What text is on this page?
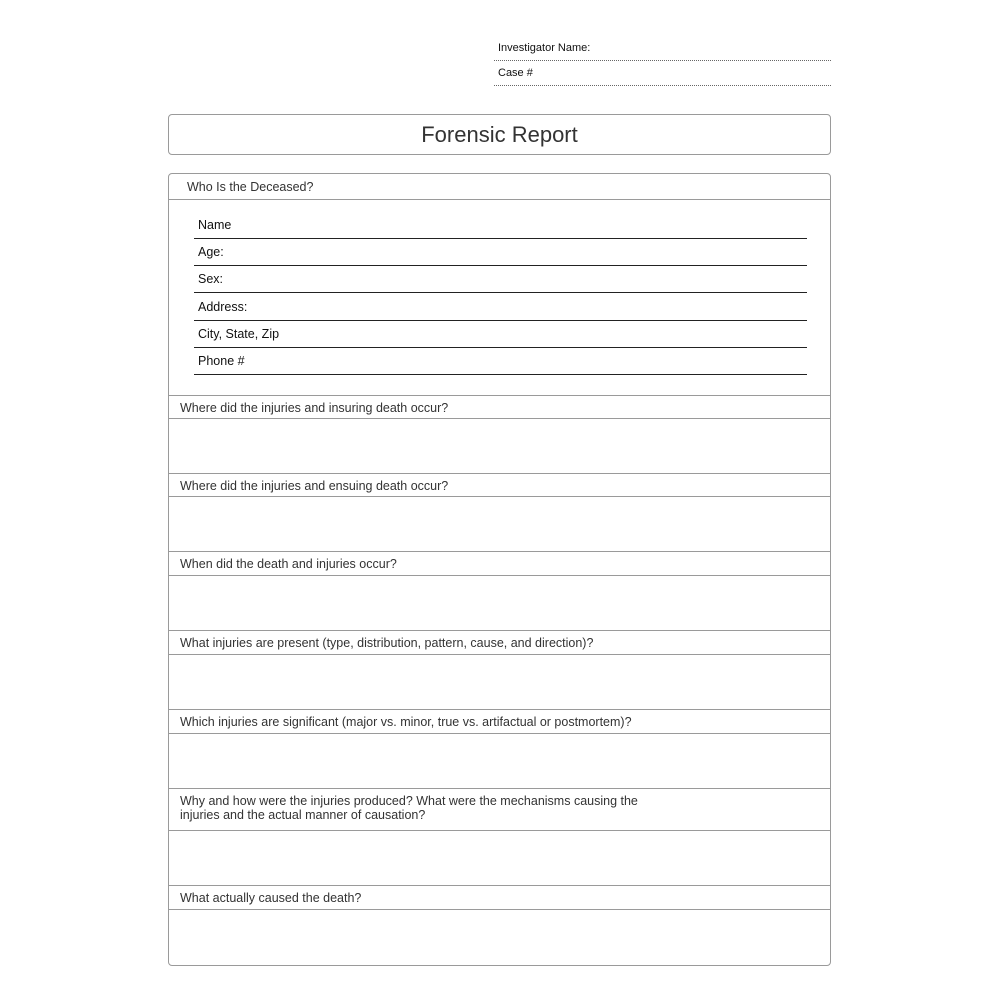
Investigator Name:
Case #
Forensic Report
Who Is the Deceased?
Name
Age:
Sex:
Address:
City, State, Zip
Phone #
Where did the injuries and insuring death occur?
Where did the injuries and ensuing death occur?
When did the death and injuries occur?
What injuries are present (type, distribution, pattern, cause, and direction)?
Which injuries are significant (major vs. minor, true vs. artifactual or postmortem)?
Why and how were the injuries produced? What were the mechanisms causing the injuries and the actual manner of causation?
What actually caused the death?
